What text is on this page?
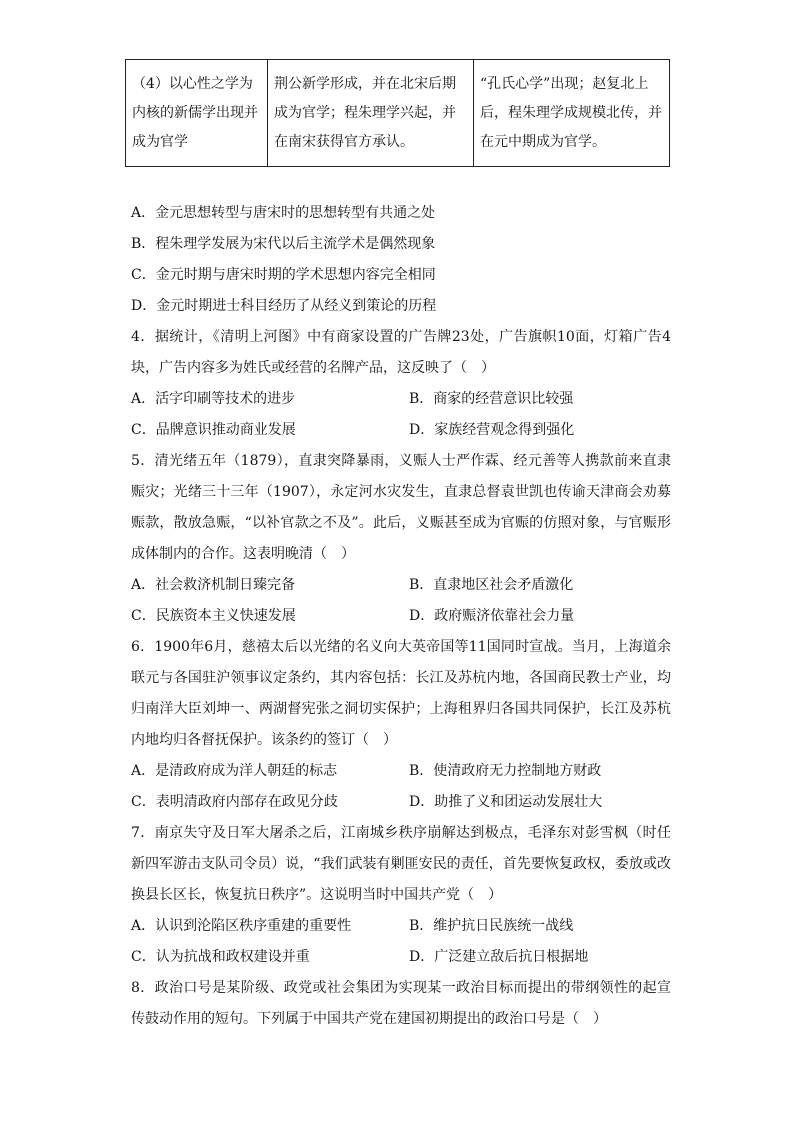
（4）以心性之学为内核的新儒学出现并成为官学	荆公新学形成，并在北宋后期成为官学；程朱理学兴起，并在南宋获得官方承认。	“孔氏心学”出现；赵复北上后，程朱理学成规模北传，并在元中期成为官学。
A．金元思想转型与唐宋时的思想转型有共通之处
B．程朱理学发展为宋代以后主流学术是偶然现象
C．金元时期与唐宋时期的学术思想内容完全相同
D．金元时期进士科目经历了从经义到策论的历程
4．据统计，《清明上河图》中有商家设置的广告牌23处，广告旗帜10面，灯箱广告4块，广告内容多为姓氏或经营的名牌产品，这反映了（　）
A．活字印刷等技术的进步	B．商家的经营意识比较强
C．品牌意识推动商业发展	D．家族经营观念得到强化
5．清光绪五年（1879），直隶突降暴雨，义赈人士严作霖、经元善等人携款前来直隶赈灾；光绪三十三年（1907），永定河水灾发生，直隶总督袁世凯也传谕天津商会劝募赈款，散放急赈，“以补官款之不及”。此后，义赈甚至成为官赈的仿照对象，与官赈形成体制内的合作。这表明晚清（　）
A．社会救济机制日臻完备	B．直隶地区社会矛盾激化
C．民族资本主义快速发展	D．政府赈济依靠社会力量
6．1900年6月，慈禧太后以光绪的名义向大英帝国等11国同时宣战。当月，上海道余联元与各国驻沪领事议定条约，其内容包括：长江及苏杭内地，各国商民教士产业，均归南洋大臣刘坤一、两湖督宪张之洞切实保护；上海租界归各国共同保护，长江及苏杭内地均归各督抚保护。该条约的签订（　）
A．是清政府成为洋人朝廷的标志	B．使清政府无力控制地方财政
C．表明清政府内部存在政见分歧	D．助推了义和团运动发展壮大
7．南京失守及日军大屠杀之后，江南城乡秩序崩解达到极点，毛泽东对彭雪枫（时任新四军游击支队司令员）说，“我们武装有剿匪安民的责任，首先要恢复政权，委放或改换县长区长，恢复抗日秩序”。这说明当时中国共产党（　）
A．认识到沦陷区秩序重建的重要性	B．维护抗日民族统一战线
C．认为抗战和政权建设并重	D．广泛建立敌后抗日根据地
8．政治口号是某阶级、政党或社会集团为实现某一政治目标而提出的带纲领性的起宣传鼓动作用的短句。下列属于中国共产党在建国初期提出的政治口号是（　）
